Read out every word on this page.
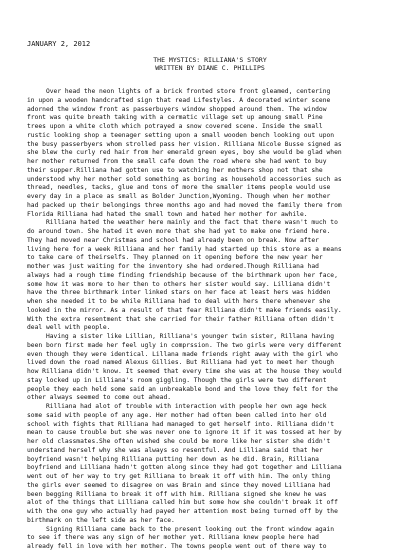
JANUARY 2, 2012
THE MYSTICS: RILLIANA'S STORY
WRITTEN BY DIANE C. PHILLIPS
Over head the neon lights of a brick fronted store front gleamed, centering
in upon a wooden handcrafted sign that read Lifestyles. A decorated winter scene
adorned the window front as passerbuyers window shopped around them. The window
front was quite breath taking with a cermatic village set up amoung small Pine
trees upon a white cloth which potrayed a snow covered scene. Inside the small
rustic looking shop a teenager setting upon a small wooden bench looking out upon
the busy passerbyers whom strolled pass her vision. Rilliana Nicole Busse signed as
she blew the curly red hair from her emerald green eyes, boy she would be glad when
her mother returned from the small cafe down the road where she had went to buy
their supper.Rilliana had gotten use to watching her mothers shop not that she
understood why her mother sold something as boring as household accessories such as
thread, needles, tacks, glue and tons of more the smaller items people would use
every day in a place as small as Bolder Junction,Wyoming. Though when her mother
had packed up their belongings three months ago and had moved the family there from
Florida Rilliana had hated the small town and hated her mother for awhile.
Rilliana hated the weather here mainly and the fact that there wasn't much to
do around town. She hated it even more that she had yet to make one friend here.
They had moved near Christmas and school had already been on break. Now after
living here for a week Rilliana and her family had started up this store as a means
to take care of theirselfs. They planned on it opening before the new year her
mother was just waiting for the inventory she had ordered.Though Rilliana had
always had a rough time finding friendship because of the birthmark upon her face,
some how it was more to her then to others her sister would say. Lilliana didn't
have the three birthmark inter linked stars on her face at least hers was hidden
when she needed it to be while Rilliana had to deal with hers there whenever she
looked in the mirror. As a result of that fear Rilliana didn't make friends easily.
With the extra resentment that she carried for their father Rilliana often didn't
deal well with people.
Having a sister like Lillian, Rilliana's younger twin sister, Rillana having
been born first made her feel ugly in comprssion. The two girls were very different
even though they were identical. Lillana made friends right away with the girl who
lived down the road named Alexus Gillies. But Rilliana had yet to meet her though
how Rilliana didn't know. It seemed that every time she was at the house they would
stay locked up in Lilliana's room giggling. Though the girls were two different
people they each held some said an unbreakable bond and the love they felt for the
other always seemed to come out ahead.
Rilliana had alot of trouble with interaction with people her own age heck
some said with people of any age. Her mother had often been called into her old
school with fights that Rilliana had managed to get herself into. Rilliana didn't
mean to cause trouble but she was never one to ignore it if it was tossed at her by
her old classmates.She often wished she could be more like her sister she didn't
understand herself why she was always so resentful. And Lilliana said that her
boyfriend wasn't helping Rilliana putting her down as he did. Brain, Rilliana
boyfriend and Lilliana hadn't gotten along since they had got together and Lilliana
went out of her way to try get Rilliana to break it off with him. The only thing
the girls ever seemed to disagree on was Brain and since they moved Lilliana had
been begging Rilliana to break it off with him. Rilliana signed she knew he was
alot of the things that Lilliana called him but some how she couldn't break it off
with the one guy who actually had payed her attention most being turned off by the
birthmark on the left side as her face.
Signing Rilliana came back to the present looking out the front window again
to see if there was any sign of her mother yet. Rilliana knew people here had
already fell in love with her mother. The towns people went out of there way to
